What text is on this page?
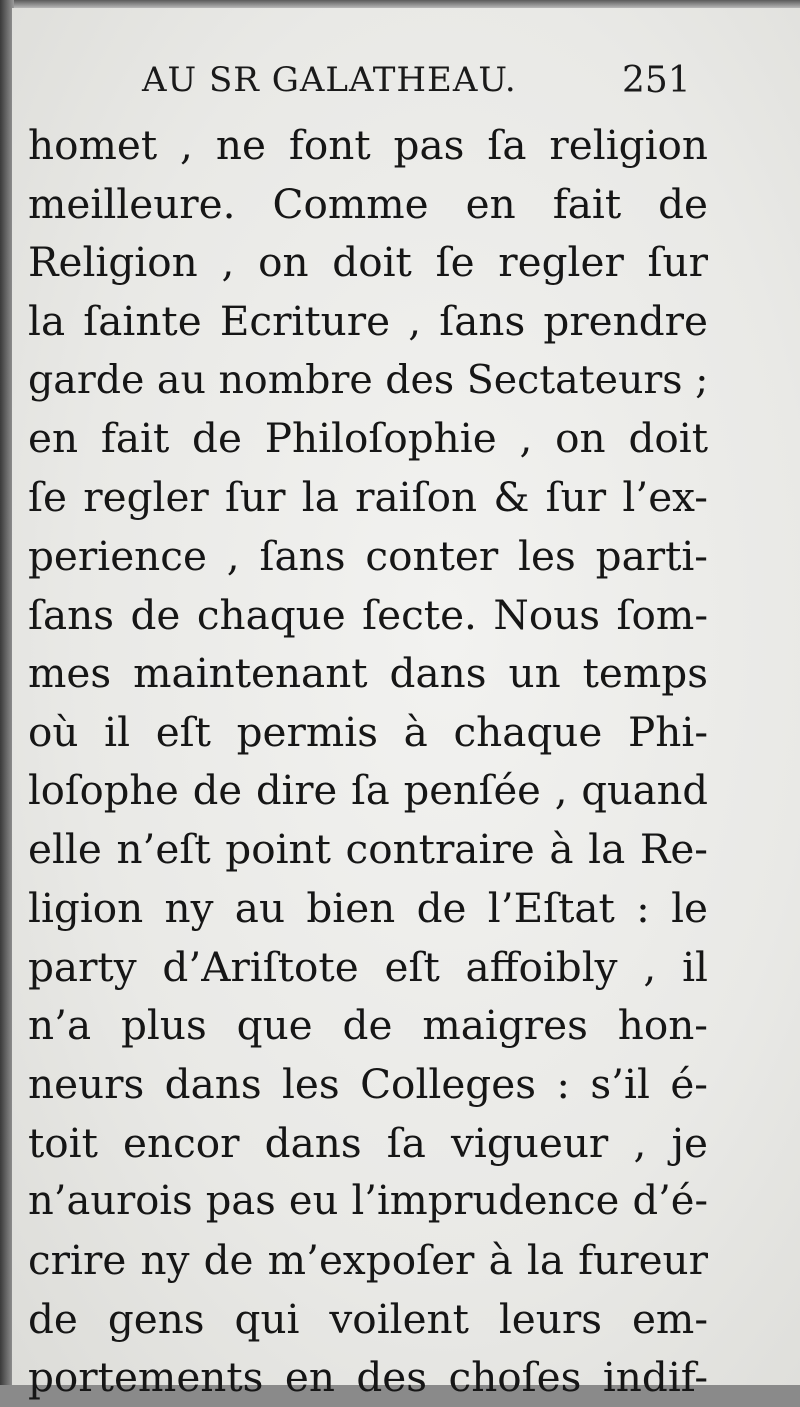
AU SR GALATHEAU.	251
homet , ne font pas ſa religion
meilleure. Comme en fait de
Religion , on doit ſe regler ſur
la ſainte Ecriture , ſans prendre
garde au nombre des Sectateurs ;
en fait de Philoſophie , on doit
ſe regler ſur la raiſon & ſur l’ex-
perience , ſans conter les parti-
ſans de chaque ſecte. Nous ſom-
mes maintenant dans un temps
où il eſt permis à chaque Phi-
loſophe de dire ſa penſée , quand
elle n’eſt point contraire à la Re-
ligion ny au bien de l’Eſtat : le
party d’Ariſtote eſt affoibly , il
n’a plus que de maigres hon-
neurs dans les Colleges : s’il é-
toit encor dans ſa vigueur , je
n’aurois pas eu l’imprudence d’é-
crire ny de m’expoſer à la fureur
de gens qui voilent leurs em-
portements en des choſes indif-
